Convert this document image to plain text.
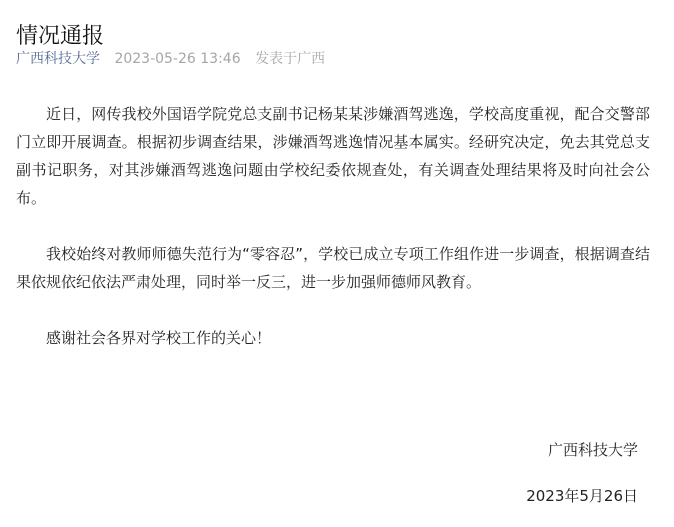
情况通报
广西科技大学 2023-05-26 13:46 发表于广西

近日，网传我校外国语学院党总支副书记杨某某涉嫌酒驾逃逸，学校高度重视，配合交警部门立即开展调查。根据初步调查结果，涉嫌酒驾逃逸情况基本属实。经研究决定，免去其党总支副书记职务，对其涉嫌酒驾逃逸问题由学校纪委依规查处，有关调查处理结果将及时向社会公布。

我校始终对教师师德失范行为“零容忍”，学校已成立专项工作组作进一步调查，根据调查结果依规依纪依法严肃处理，同时举一反三，进一步加强师德师风教育。

感谢社会各界对学校工作的关心！

广西科技大学
2023年5月26日
